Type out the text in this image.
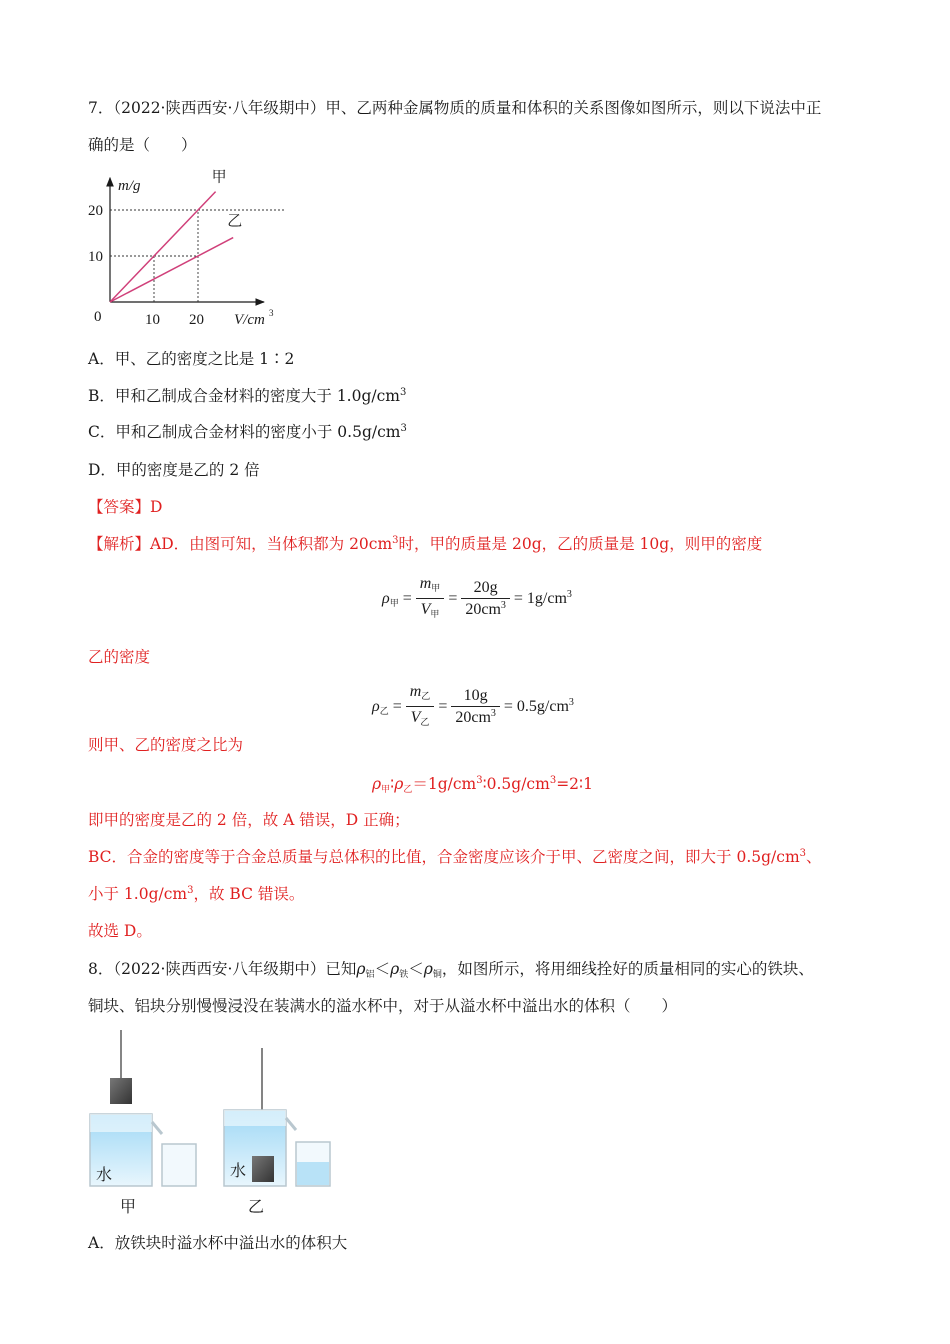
7．（2022·陕西西安·八年级期中）甲、乙两种金属物质的质量和体积的关系图像如图所示，则以下说法中正
确的是（　　）
甲
乙
10 20
10
20
0
m/g
V/cm 3
A．甲、乙的密度之比是 1∶2
B．甲和乙制成合金材料的密度大于 $1.0g/cm^3$
C．甲和乙制成合金材料的密度小于 $0.5g/cm^3$
D．甲的密度是乙的 2 倍
【答案】D
【解析】AD．由图可知，当体积都为 $20cm^3$时，甲的质量是 20g，乙的质量是 10g，则甲的密度
$\rho_甲 = \frac{m_甲}{V_甲} = \frac{20g}{20cm^3} = 1g/cm^3$
乙的密度
$\rho_乙 = \frac{m_乙}{V_乙} = \frac{10g}{20cm^3} = 0.5g/cm^3$
则甲、乙的密度之比为
$\rho_甲∶\rho_乙=1g/cm^3∶0.5g/cm^3=2∶1$
即甲的密度是乙的 2 倍，故 A 错误，D 正确；
BC．合金的密度等于合金总质量与总体积的比值，合金密度应该介于甲、乙密度之间，即大于 $0.5g/cm^3$、
小于 $1.0g/cm^3$，故 BC 错误。
故选 D。
8．（2022·陕西西安·八年级期中）已知$\rho_铝<\rho_铁<\rho_铜$，如图所示，将用细线拴好的质量相同的实心的铁块、
铜块、铝块分别慢慢浸没在装满水的溢水杯中，对于从溢水杯中溢出水的体积（　　）
水
甲
水
乙
A．放铁块时溢水杯中溢出水的体积大
